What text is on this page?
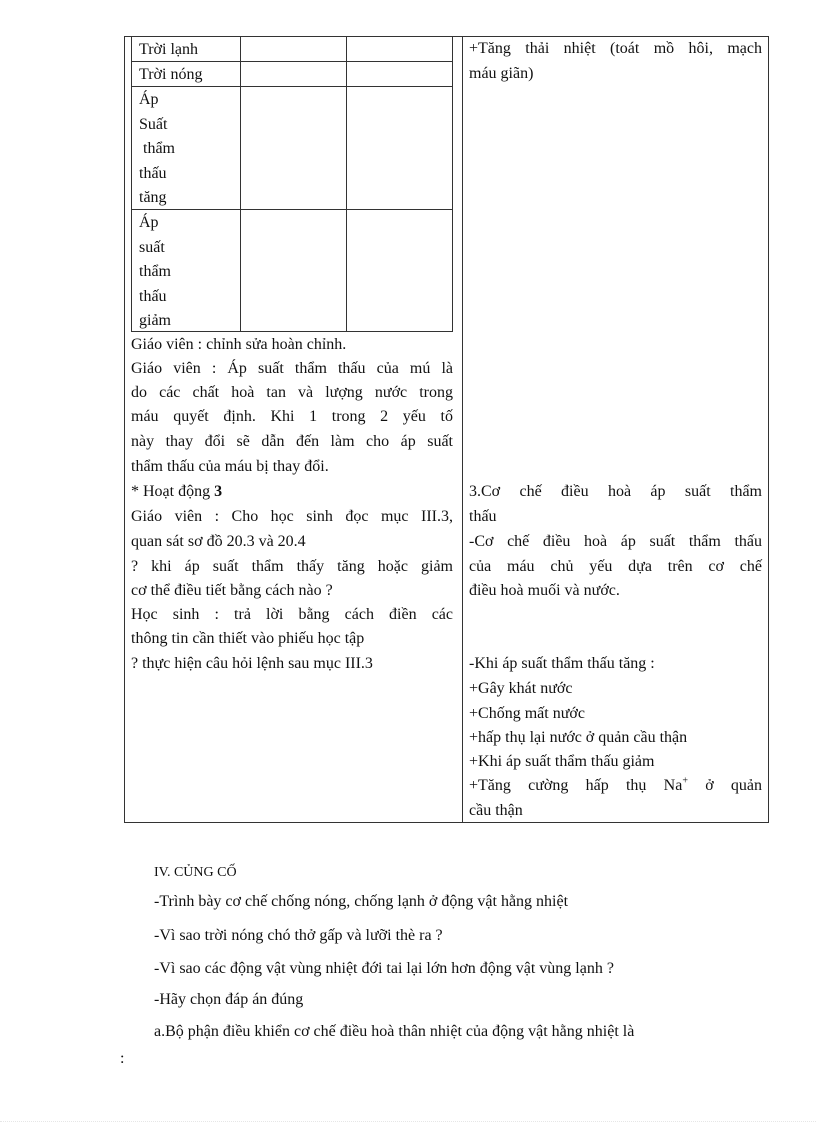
Trời lạnh
Trời nóng
Áp
Suất
thẩm
thấu
tăng
Áp
suất
thẩm
thấu
giảm
Giáo viên : chỉnh sửa hoàn chỉnh.
Giáo viên : Áp suất thẩm thấu của mú là
do các chất hoà tan và lượng nước trong
máu quyết định. Khi 1 trong 2 yếu tố
này thay đổi sẽ dẫn đến làm cho áp suất
thẩm thấu của máu bị thay đổi.
* Hoạt động 3
Giáo viên : Cho học sinh đọc mục III.3,
quan sát sơ đồ 20.3 và 20.4
? khi áp suất thẩm thấy tăng hoặc giảm
cơ thể điều tiết bằng cách nào ?
Học sinh : trả lời bằng cách điền các
thông tin cần thiết vào phiếu học tập
? thực hiện câu hỏi lệnh sau mục III.3
+Tăng thải nhiệt (toát mồ hôi, mạch
máu giãn)
3.Cơ chế điều hoà áp suất thẩm
thấu
-Cơ chế điều hoà áp suất thẩm thấu
của máu chủ yếu dựa trên cơ chế
điều hoà muối và nước.
-Khi áp suất thẩm thấu tăng :
+Gây khát nước
+Chống mất nước
+hấp thụ lại nước ở quản cầu thận
+Khi áp suất thẩm thấu giảm
+Tăng cường hấp thụ Na+ ở quản
cầu thận
IV. CỦNG CỐ
-Trình bày cơ chế chống nóng, chống lạnh ở động vật hằng nhiệt
-Vì sao trời nóng chó thở gấp và lưỡi thè ra ?
-Vì sao các động vật vùng nhiệt đới tai lại lớn hơn động vật vùng lạnh ?
-Hãy chọn đáp án đúng
a.Bộ phận điều khiển cơ chế điều hoà thân nhiệt của động vật hằng nhiệt là
:
